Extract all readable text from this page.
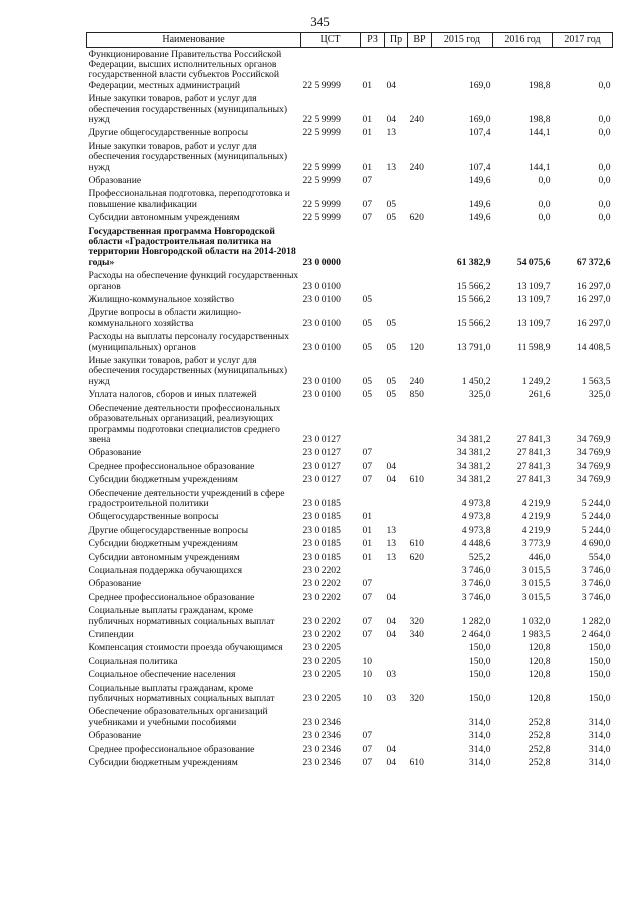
345
Наименование	ЦСТ	РЗ	Пр	ВР	2015 год	2016 год	2017 год
Функционирование Правительства Российской Федерации, высших исполнительных органов государственной власти субъектов Российской Федерации, местных администраций	22 5 9999	01	04		169,0	198,8	0,0
Иные закупки товаров, работ и услуг для обеспечения государственных (муниципальных) нужд	22 5 9999	01	04	240	169,0	198,8	0,0
Другие общегосударственные вопросы	22 5 9999	01	13		107,4	144,1	0,0
Иные закупки товаров, работ и услуг для обеспечения государственных (муниципальных) нужд	22 5 9999	01	13	240	107,4	144,1	0,0
Образование	22 5 9999	07			149,6	0,0	0,0
Профессиональная подготовка, переподготовка и повышение квалификации	22 5 9999	07	05		149,6	0,0	0,0
Субсидии автономным учреждениям	22 5 9999	07	05	620	149,6	0,0	0,0
Государственная программа Новгородской области «Градостроительная политика на территории Новгородской области на 2014-2018 годы»	23 0 0000				61 382,9	54 075,6	67 372,6
Расходы на обеспечение функций государственных органов	23 0 0100				15 566,2	13 109,7	16 297,0
Жилищно-коммунальное хозяйство	23 0 0100	05			15 566,2	13 109,7	16 297,0
Другие вопросы в области жилищно-коммунального хозяйства	23 0 0100	05	05		15 566,2	13 109,7	16 297,0
Расходы на выплаты персоналу государственных (муниципальных) органов	23 0 0100	05	05	120	13 791,0	11 598,9	14 408,5
Иные закупки товаров, работ и услуг для обеспечения государственных (муниципальных) нужд	23 0 0100	05	05	240	1 450,2	1 249,2	1 563,5
Уплата налогов, сборов и иных платежей	23 0 0100	05	05	850	325,0	261,6	325,0
Обеспечение деятельности профессиональных образовательных организаций, реализующих программы подготовки специалистов среднего звена	23 0 0127				34 381,2	27 841,3	34 769,9
Образование	23 0 0127	07			34 381,2	27 841,3	34 769,9
Среднее профессиональное образование	23 0 0127	07	04		34 381,2	27 841,3	34 769,9
Субсидии бюджетным учреждениям	23 0 0127	07	04	610	34 381,2	27 841,3	34 769,9
Обеспечение деятельности учреждений в сфере градостроительной политики	23 0 0185				4 973,8	4 219,9	5 244,0
Общегосударственные вопросы	23 0 0185	01			4 973,8	4 219,9	5 244,0
Другие общегосударственные вопросы	23 0 0185	01	13		4 973,8	4 219,9	5 244,0
Субсидии бюджетным учреждениям	23 0 0185	01	13	610	4 448,6	3 773,9	4 690,0
Субсидии автономным учреждениям	23 0 0185	01	13	620	525,2	446,0	554,0
Социальная поддержка обучающихся	23 0 2202				3 746,0	3 015,5	3 746,0
Образование	23 0 2202	07			3 746,0	3 015,5	3 746,0
Среднее профессиональное образование	23 0 2202	07	04		3 746,0	3 015,5	3 746,0
Социальные выплаты гражданам, кроме публичных нормативных социальных выплат	23 0 2202	07	04	320	1 282,0	1 032,0	1 282,0
Стипендии	23 0 2202	07	04	340	2 464,0	1 983,5	2 464,0
Компенсация стоимости проезда обучающимся	23 0 2205				150,0	120,8	150,0
Социальная политика	23 0 2205	10			150,0	120,8	150,0
Социальное обеспечение населения	23 0 2205	10	03		150,0	120,8	150,0
Социальные выплаты гражданам, кроме публичных нормативных социальных выплат	23 0 2205	10	03	320	150,0	120,8	150,0
Обеспечение образовательных организаций учебниками и учебными пособиями	23 0 2346				314,0	252,8	314,0
Образование	23 0 2346	07			314,0	252,8	314,0
Среднее профессиональное образование	23 0 2346	07	04		314,0	252,8	314,0
Субсидии бюджетным учреждениям	23 0 2346	07	04	610	314,0	252,8	314,0
